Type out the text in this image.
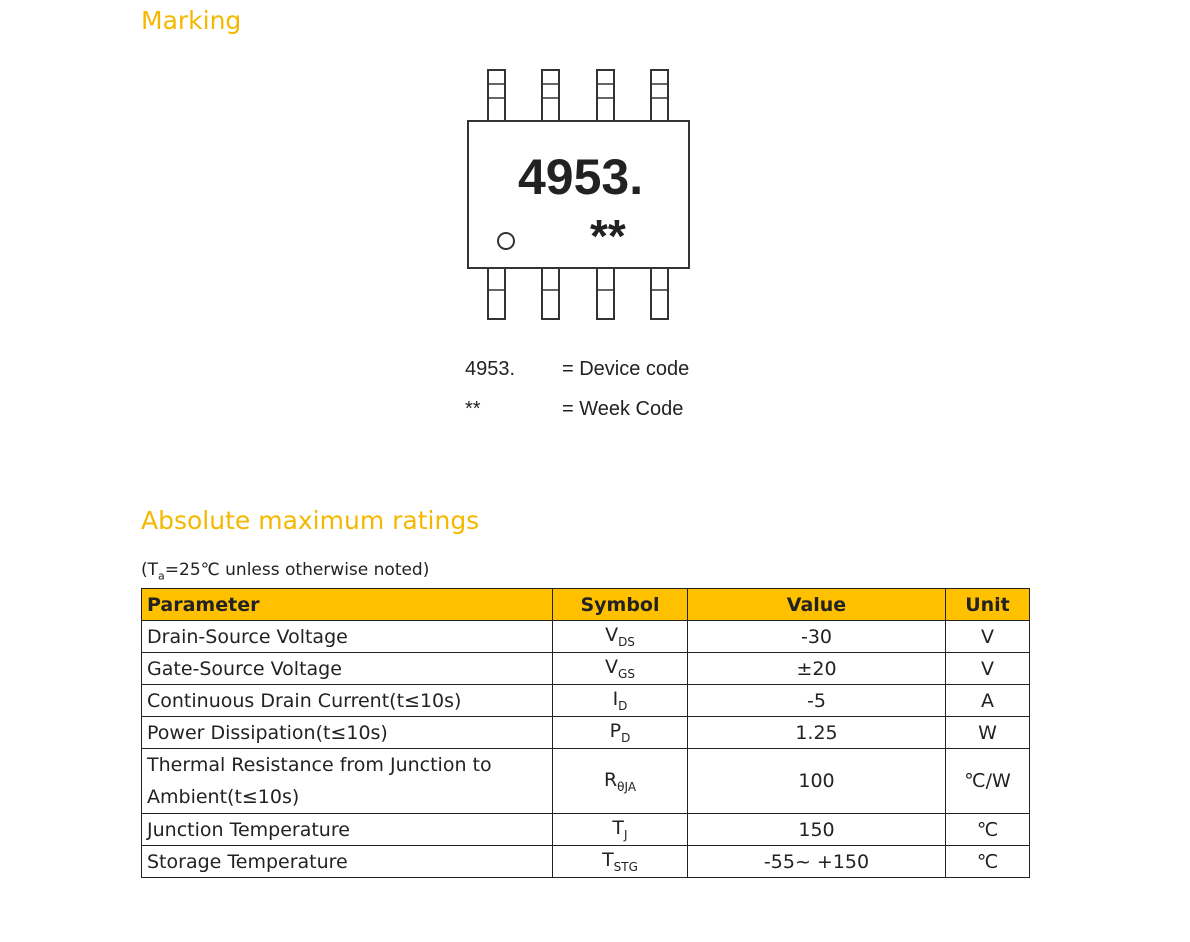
Marking
4953.
**
4953. = Device code
**	= Week Code
Absolute maximum ratings
($T_a=25℃$ unless otherwise noted)
Parameter	Symbol	Value	Unit
Drain-Source Voltage	$V_{DS}$	-30	V
Gate-Source Voltage	$V_{GS}$	±20	V
Continuous Drain Current(t≤10s)	$I_D$	-5	A
Power Dissipation(t≤10s)	$P_D$	1.25	W
Thermal Resistance from Junction to Ambient(t≤10s)	$R_{\theta JA}$	100	℃/W
Junction Temperature	$T_J$	150	℃
Storage Temperature	$T_{STG}$	-55~ +150	℃
